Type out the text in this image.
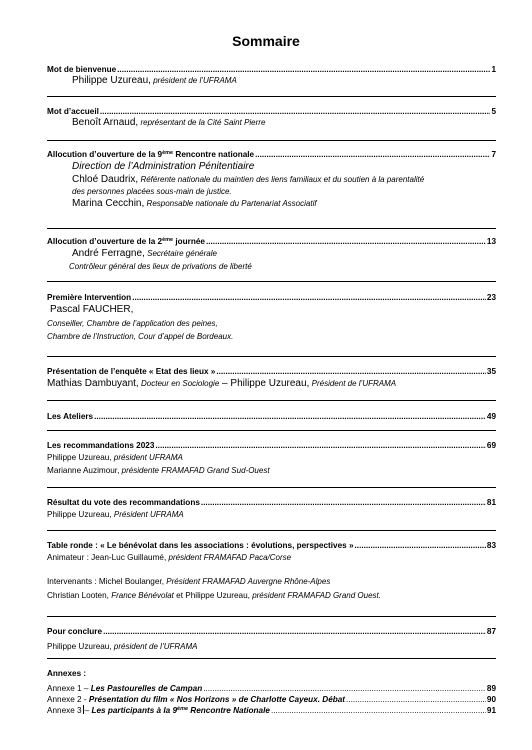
Sommaire
Mot de bienvenue .....	1
Philippe Uzureau, président de l’UFRAMA
Mot d’accueil .....	5
Benoît Arnaud, représentant de la Cité Saint Pierre
Allocution d’ouverture de la 9ème Rencontre nationale .....	7
Direction de l’Administration Pénitentiaire
Chloé Daudrix, Référente nationale du maintien des liens familiaux et du soutien à la parentalité
des personnes placées sous-main de justice.
Marina Cecchin, Responsable nationale du Partenariat Associatif
Allocution d’ouverture de la 2ème journée .....	13
André Ferragne, Secrétaire générale
Contrôleur général des lieux de privations de liberté
Première Intervention .....	23
Pascal FAUCHER,
Conseiller, Chambre de l’application des peines,
Chambre de l’Instruction, Cour d’appel de Bordeaux.
Présentation de l’enquête « Etat des lieux » .....	35
Mathias Dambuyant, Docteur en Sociologie – Philippe Uzureau, Président de l’UFRAMA
Les Ateliers .....	49
Les recommandations 2023 .....	69
Philippe Uzureau, président UFRAMA
Marianne Auzimour, présidente FRAMAFAD Grand Sud-Ouest
Résultat du vote des recommandations .....	81
Philippe Uzureau, Président UFRAMA
Table ronde : « Le bénévolat dans les associations : évolutions, perspectives » .....	83
Animateur : Jean-Luc Guillaumé, président FRAMAFAD Paca/Corse
Intervenants : Michel Boulanger, Président FRAMAFAD Auvergne Rhône-Alpes
Christian Looten, France Bénévolat et Philippe Uzureau, président FRAMAFAD Grand Ouest.
Pour conclure .....	87
Philippe Uzureau, président de l’UFRAMA
Annexes :
Annexe 1 – Les Pastourelles de Campan .....	89
Annexe 2 - Présentation du film « Nos Horizons » de Charlotte Cayeux. Débat .....	90
Annexe 3 – Les participants à la 9ème Rencontre Nationale .....	91
